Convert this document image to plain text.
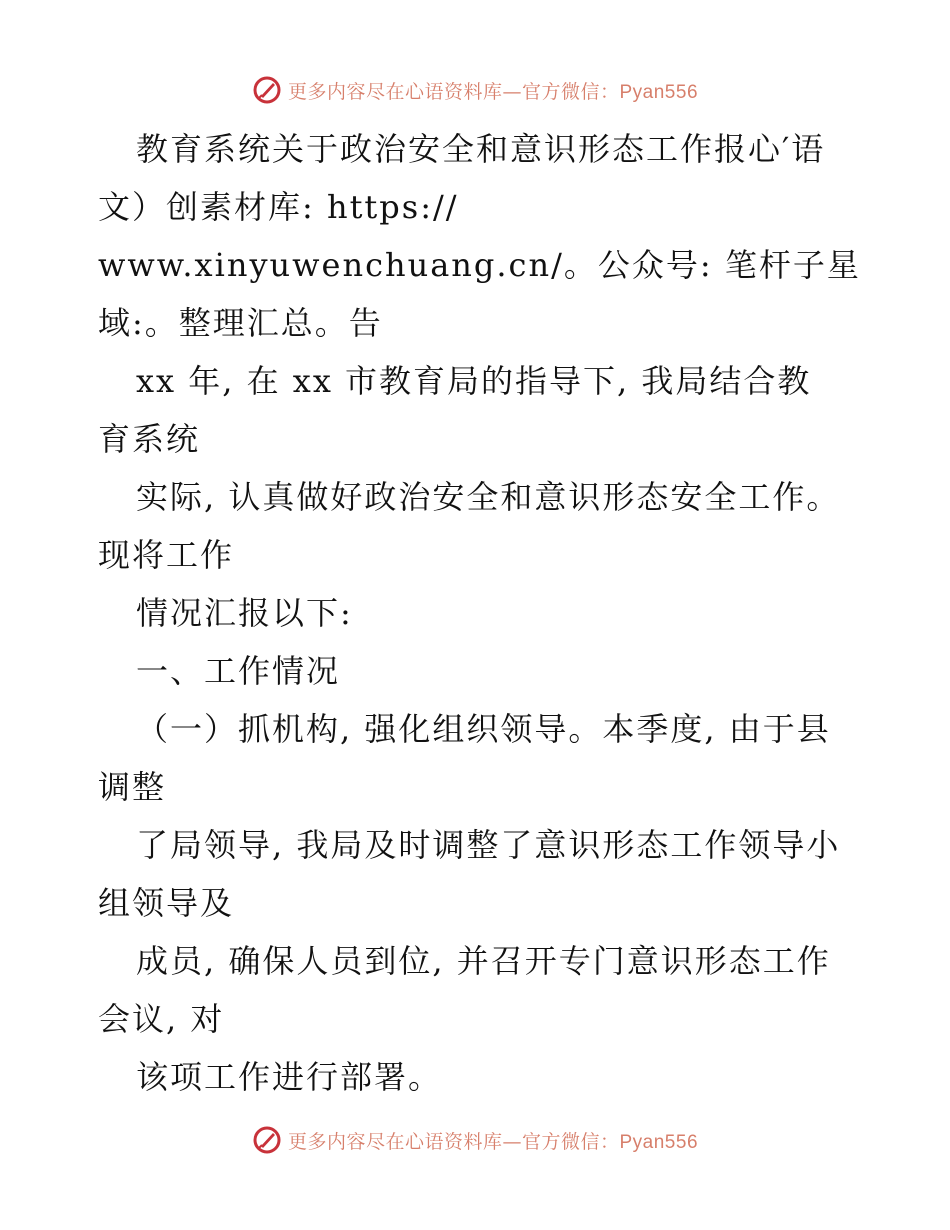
更多内容尽在心语资料库—官方微信：Pyan556
教育系统关于政治安全和意识形态工作报心′语
文）创素材库: https://
www.xinyuwenchuang.cn/。公众号: 笔杆子星
域:。整理汇总。告
xx 年, 在 xx 市教育局的指导下, 我局结合教
育系统
实际, 认真做好政治安全和意识形态安全工作。
现将工作
情况汇报以下:
一、工作情况
（一）抓机构, 强化组织领导。本季度, 由于县
调整
了局领导, 我局及时调整了意识形态工作领导小
组领导及
成员, 确保人员到位, 并召开专门意识形态工作
会议, 对
该项工作进行部署。
更多内容尽在心语资料库—官方微信：Pyan556
